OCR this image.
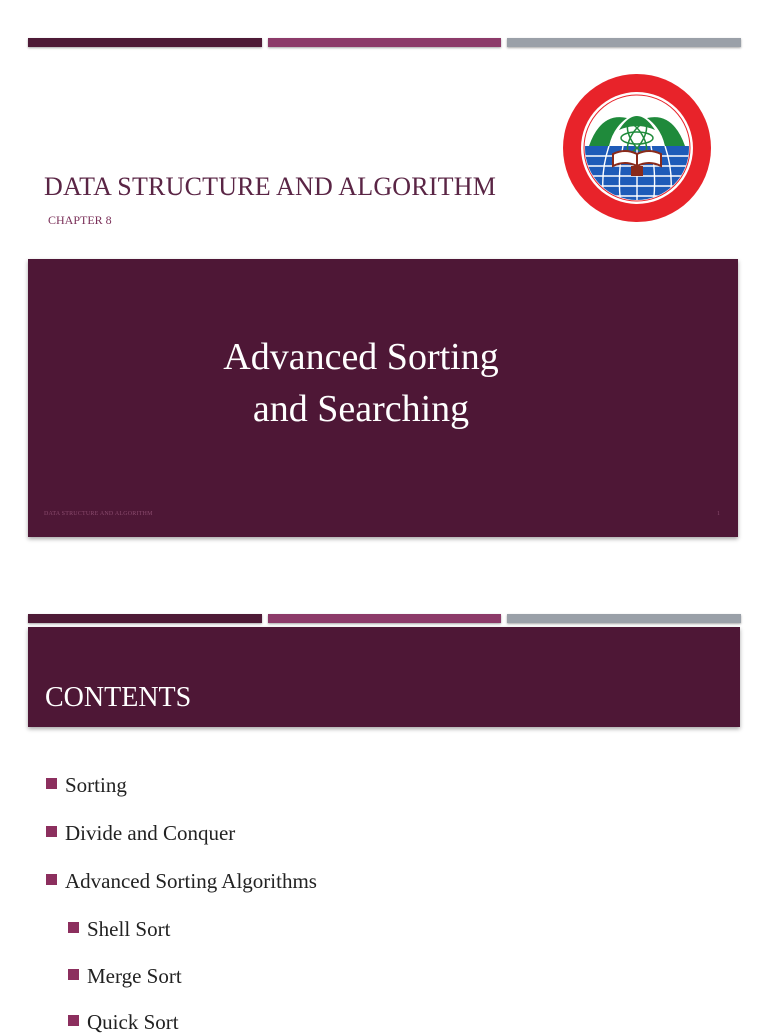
DATA STRUCTURE AND ALGORITHM
CHAPTER 8
Advanced Sorting
and Searching
DATA STRUCTURE AND ALGORITHM	1
CONTENTS
Sorting
Divide and Conquer
Advanced Sorting Algorithms
Shell Sort
Merge Sort
Quick Sort
